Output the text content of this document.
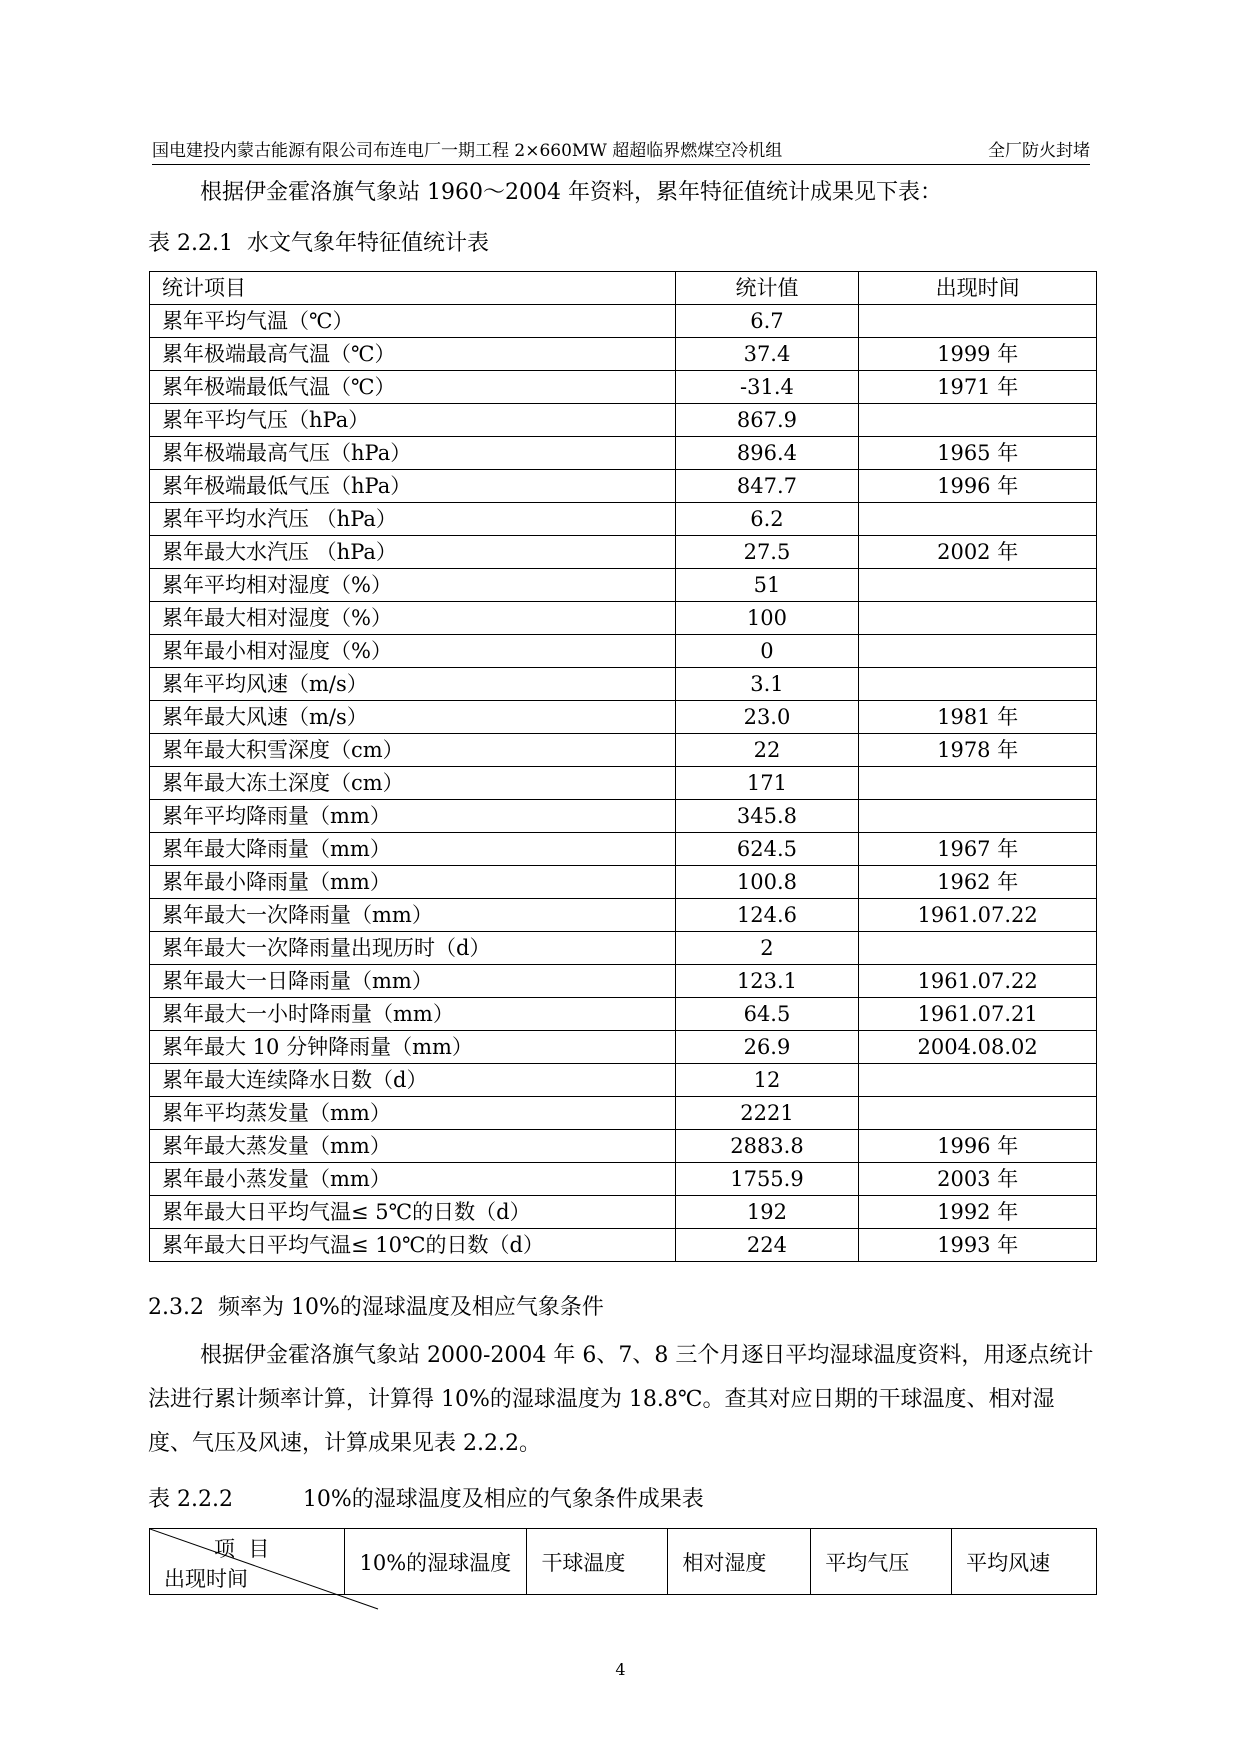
国电建投内蒙古能源有限公司布连电厂一期工程 2×660MW 超超临界燃煤空冷机组	全厂防火封堵

根据伊金霍洛旗气象站 1960～2004 年资料，累年特征值统计成果见下表：

表 2.2.1  水文气象年特征值统计表
统计项目	统计值	出现时间
累年平均气温（℃）	6.7	
累年极端最高气温（℃）	37.4	1999 年
累年极端最低气温（℃）	-31.4	1971 年
累年平均气压（hPa）	867.9	
累年极端最高气压（hPa）	896.4	1965 年
累年极端最低气压（hPa）	847.7	1996 年
累年平均水汽压 （hPa）	6.2	
累年最大水汽压 （hPa）	27.5	2002 年
累年平均相对湿度（%）	51	
累年最大相对湿度（%）	100	
累年最小相对湿度（%）	0	
累年平均风速（m/s）	3.1	
累年最大风速（m/s）	23.0	1981 年
累年最大积雪深度（cm）	22	1978 年
累年最大冻土深度（cm）	171	
累年平均降雨量（mm）	345.8	
累年最大降雨量（mm）	624.5	1967 年
累年最小降雨量（mm）	100.8	1962 年
累年最大一次降雨量（mm）	124.6	1961.07.22
累年最大一次降雨量出现历时（d）	2	
累年最大一日降雨量（mm）	123.1	1961.07.22
累年最大一小时降雨量（mm）	64.5	1961.07.21
累年最大 10 分钟降雨量（mm）	26.9	2004.08.02
累年最大连续降水日数（d）	12	
累年平均蒸发量（mm）	2221	
累年最大蒸发量（mm）	2883.8	1996 年
累年最小蒸发量（mm）	1755.9	2003 年
累年最大日平均气温≤ 5℃的日数（d）	192	1992 年
累年最大日平均气温≤ 10℃的日数（d）	224	1993 年
2.3.2  频率为 10%的湿球温度及相应气象条件

根据伊金霍洛旗气象站 2000-2004 年 6、7、8 三个月逐日平均湿球温度资料，用逐点统计法进行累计频率计算，计算得 10%的湿球温度为 18.8℃。查其对应日期的干球温度、相对湿度、气压及风速，计算成果见表 2.2.2。

表 2.2.2          10%的湿球温度及相应的气象条件成果表
项  目
出现时间
	10%的湿球温度	干球温度	相对湿度	平均气压	平均风速
4
